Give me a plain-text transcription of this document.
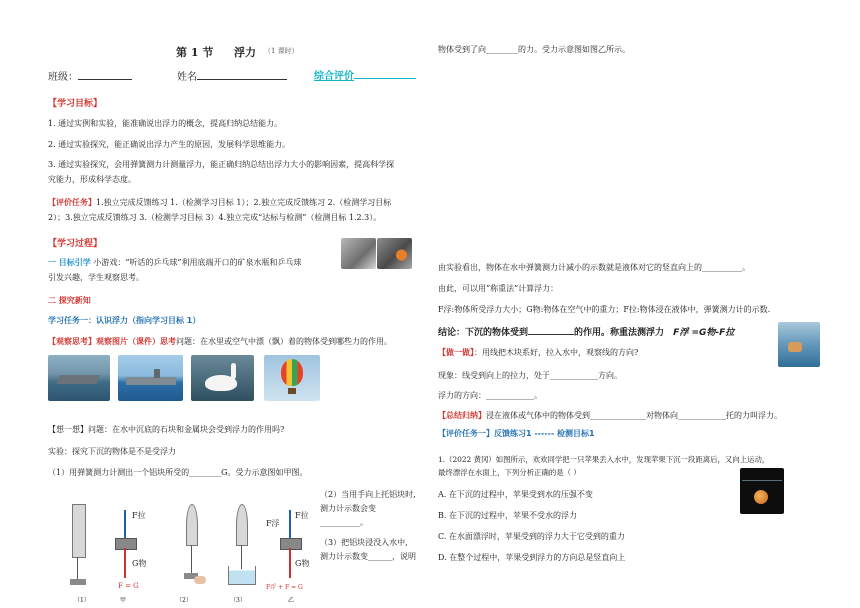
第 1 节 浮力 （1 课时）
班级：	姓名	综合评价
【学习目标】
1. 通过实例和实验，能准确说出浮力的概念，提高归纳总结能力。
2. 通过实验探究，能正确说出浮力产生的原因，发展科学思维能力。
3. 通过实验探究，会用弹簧测力计测量浮力，能正确归纳总结出浮力大小的影响因素，提高科学探
究能力，形成科学态度。
【评价任务】1.独立完成反馈练习 1.（检测学习目标 1）；2.独立完成反馈练习 2.（检测学习目标
2）；3.独立完成反馈练习 3.（检测学习目标 3）4.独立完成“达标与检测”（检测目标 1.2.3）。
【学习过程】
一 目标引学 小游戏：“听话的乒乓球”利用底端开口的矿泉水瓶和乒乓球
引发兴趣，学生观察思考。
二 探究新知
学习任务一：认识浮力（指向学习目标 1）
【观察思考】观察图片（课件）思考问题：在水里或空气中漂（飘）着的物体受到哪些力的作用。
【想一想】问题：在水中沉底的石块和金属块会受到浮力的作用吗?
实验：探究下沉的物体是不是受浮力
（1）用弹簧测力计测出一个铝块所受的________G。受力示意图如甲图。
（2）当用手向上托铝块时,
测力计示数会变
__________。
（3）把铝块浸没入水中,
测力计示数变______，说明
F拉
G物
F = G
F浮
F拉
G物
F浮 + F = G
（1）	甲	（2）	（3）	乙
物体受到了向________的力。受力示意图如图乙所示。
由实验看出，物体在水中弹簧测力计减小的示数就是液体对它的竖直向上的__________。
由此，可以用“称重法”计算浮力：
F浮:物体所受浮力大小；G物:物体在空气中的重力；F拉:物体浸在液体中，弹簧测力计的示数.
结论：下沉的物体受到	的作用。称重法测浮力 F浮 =G物-F拉
【做一做】：用线把木块系好，拉入水中，观察线的方向?
现象：线受到向上的拉力，处于____________方向。
浮力的方向：____________。
【总结归纳】浸在液体或气体中的物体受到______________对物体向____________托的力叫浮力。
【评价任务一】反馈练习1 ------ 检测目标1
1.（2022 黄冈）如图所示，欢欢同学把一只苹果丢入水中，发现苹果下沉一段距离后，又向上运动，
最终漂浮在水面上，下列分析正确的是（ ）
A. 在下沉的过程中，苹果受到水的压强不变
B. 在下沉的过程中，苹果不受水的浮力
C. 在水面漂浮时，苹果受到的浮力大于它受到的重力
D. 在整个过程中，苹果受到浮力的方向总是竖直向上
